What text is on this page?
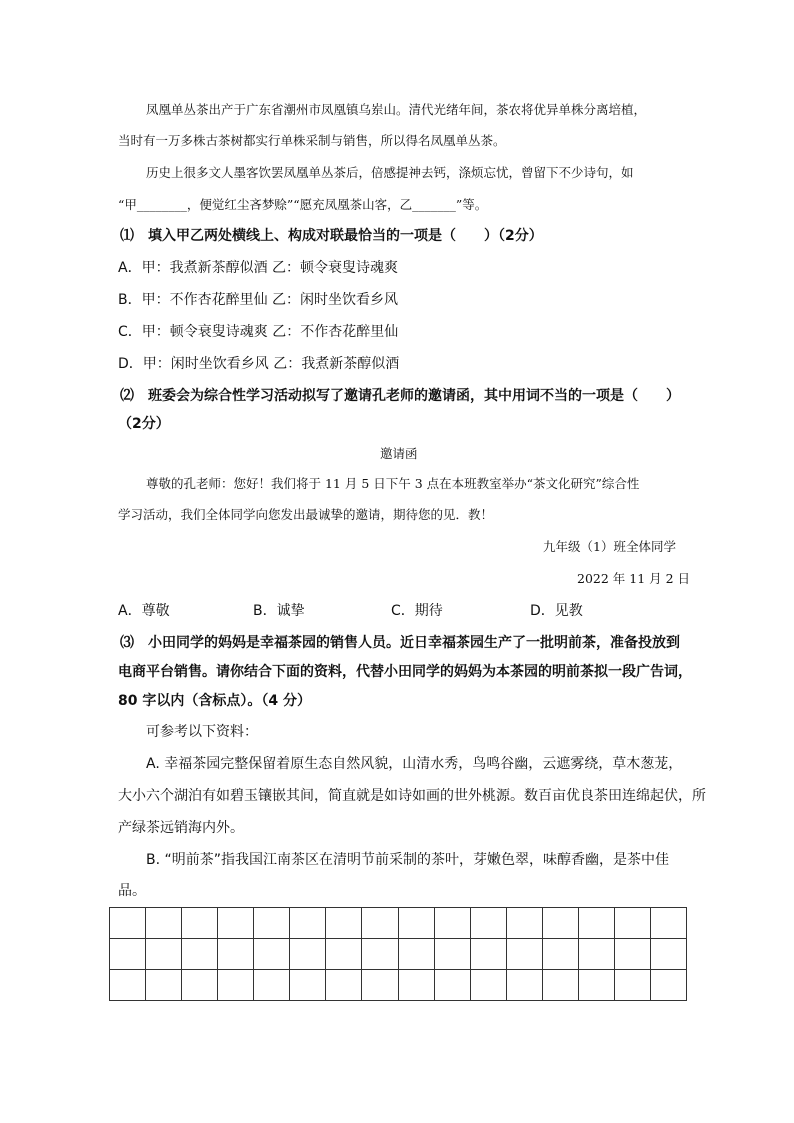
凤凰单丛茶出产于广东省潮州市凤凰镇乌岽山。清代光绪年间，茶农将优异单株分离培植，
当时有一万多株古茶树都实行单株采制与销售，所以得名凤凰单丛茶。
历史上很多文人墨客饮罢凤凰单丛茶后，倍感提神去钙，涤烦忘忧，曾留下不少诗句，如
“甲________，便觉红尘吝梦赊”“愿充凤凰茶山客，乙_______”等。
⑴　填入甲乙两处横线上、构成对联最恰当的一项是（　　）（2分）
A．甲：我煮新茶醇似酒 乙：顿令衰叟诗魂爽
B．甲：不作杏花醉里仙 乙：闲时坐饮看乡风
C．甲：顿令衰叟诗魂爽 乙：不作杏花醉里仙
D．甲：闲时坐饮看乡风 乙：我煮新茶醇似酒
⑵　班委会为综合性学习活动拟写了邀请孔老师的邀请函，其中用词不当的一项是（　　）
（2分）
邀请函
尊敬的孔老师：您好！我们将于 11 月 5 日下午 3 点在本班教室举办“茶文化研究”综合性
学习活动，我们全体同学向您发出最诚挚的邀请，期待您的见．教！
九年级（1）班全体同学
2022 年 11 月 2 日
A．尊敬	B．诚挚	C．期待	D．见教
⑶　小田同学的妈妈是幸福茶园的销售人员。近日幸福茶园生产了一批明前茶，准备投放到
电商平台销售。请你结合下面的资料，代替小田同学的妈妈为本茶园的明前茶拟一段广告词，
80 字以内（含标点）。（4 分）
可参考以下资料：
A. 幸福茶园完整保留着原生态自然风貌，山清水秀，鸟鸣谷幽，云遮雾绕，草木葱茏，
大小六个湖泊有如碧玉镶嵌其间，简直就是如诗如画的世外桃源。数百亩优良茶田连绵起伏，所
产绿茶远销海内外。
B. “明前茶”指我国江南茶区在清明节前采制的茶叶，芽嫩色翠，味醇香幽，是茶中佳
品。
